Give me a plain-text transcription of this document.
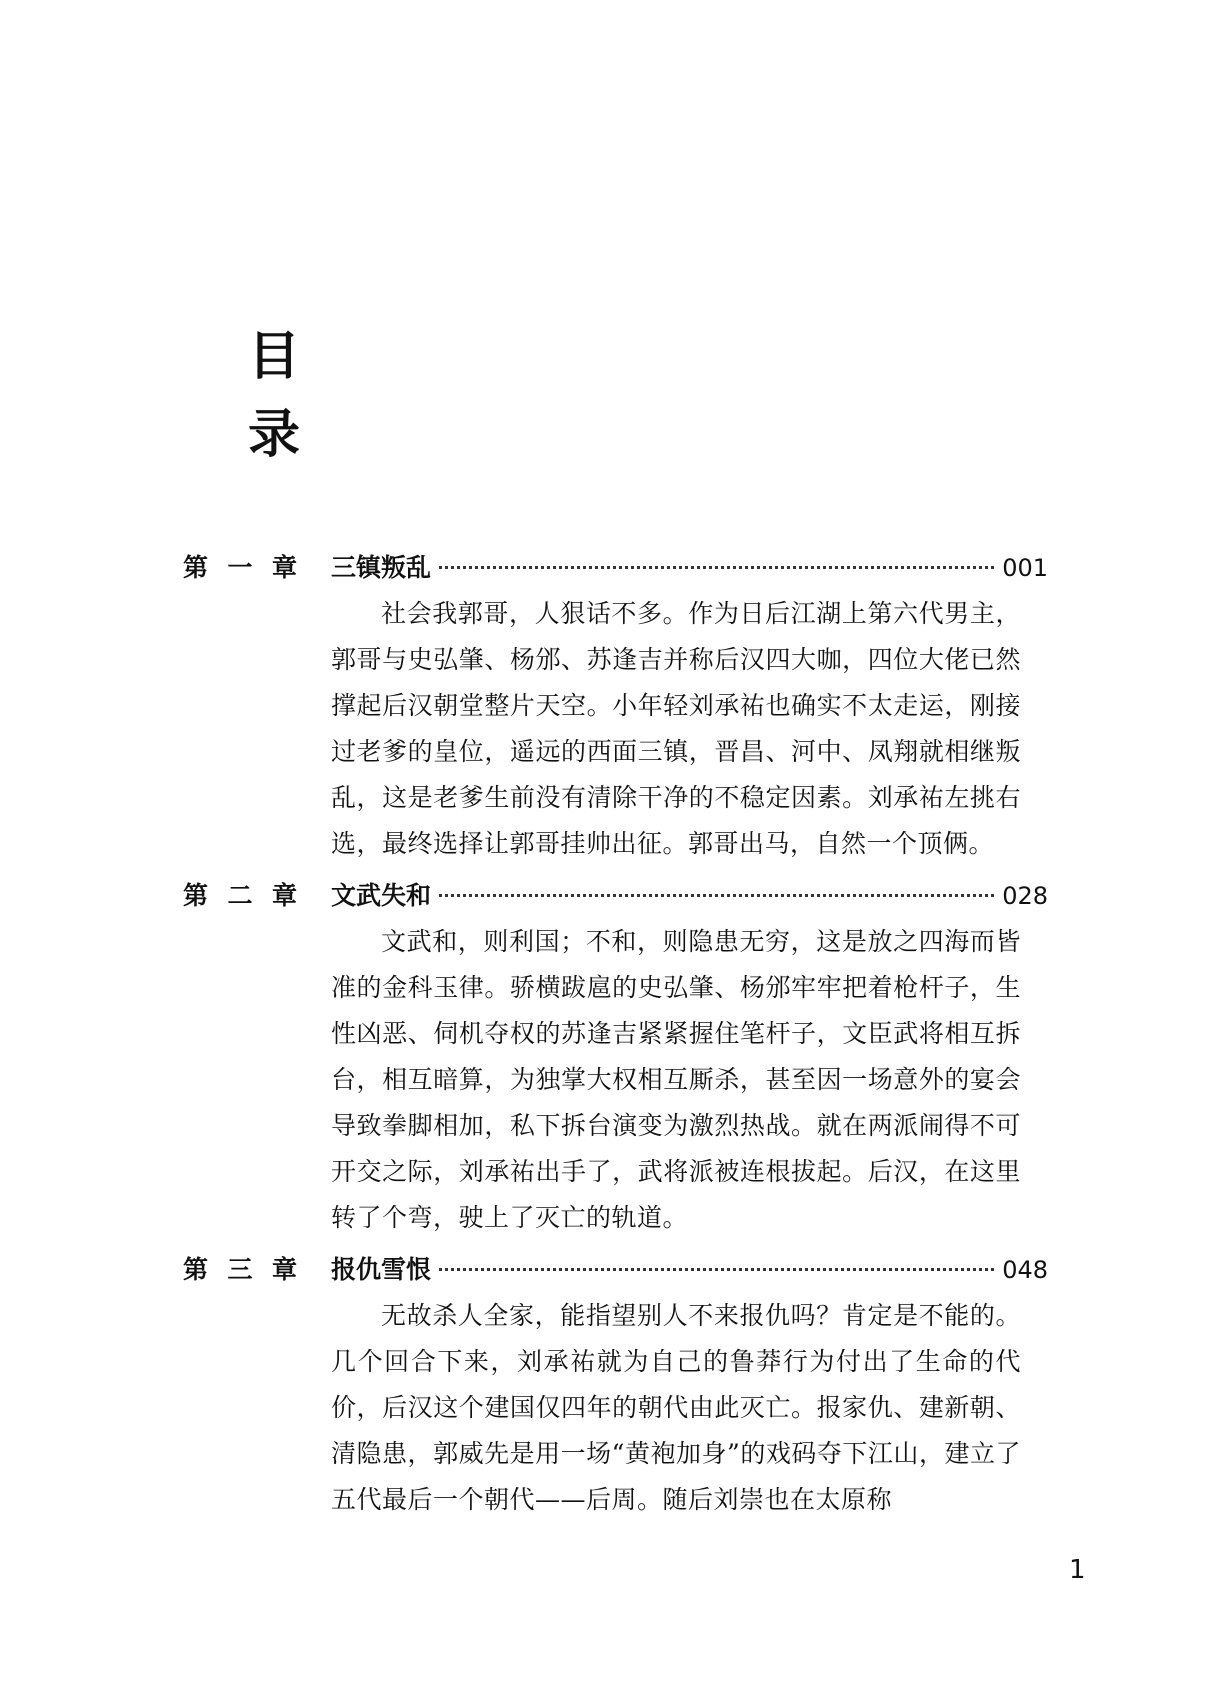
目
录
第一章	三镇叛乱	001

社会我郭哥，人狠话不多。作为日后江湖上第六代男主，郭哥与史弘肇、杨邠、苏逢吉并称后汉四大咖，四位大佬已然撑起后汉朝堂整片天空。小年轻刘承祐也确实不太走运，刚接过老爹的皇位，遥远的西面三镇，晋昌、河中、凤翔就相继叛乱，这是老爹生前没有清除干净的不稳定因素。刘承祐左挑右选，最终选择让郭哥挂帅出征。郭哥出马，自然一个顶俩。

第二章	文武失和	028

文武和，则利国；不和，则隐患无穷，这是放之四海而皆准的金科玉律。骄横跋扈的史弘肇、杨邠牢牢把着枪杆子，生性凶恶、伺机夺权的苏逢吉紧紧握住笔杆子，文臣武将相互拆台，相互暗算，为独掌大权相互厮杀，甚至因一场意外的宴会导致拳脚相加，私下拆台演变为激烈热战。就在两派闹得不可开交之际，刘承祐出手了，武将派被连根拔起。后汉，在这里转了个弯，驶上了灭亡的轨道。

第三章	报仇雪恨	048

无故杀人全家，能指望别人不来报仇吗？肯定是不能的。几个回合下来，刘承祐就为自己的鲁莽行为付出了生命的代价，后汉这个建国仅四年的朝代由此灭亡。报家仇、建新朝、清隐患，郭威先是用一场“黄袍加身”的戏码夺下江山，建立了五代最后一个朝代——后周。随后刘崇也在太原称

1
